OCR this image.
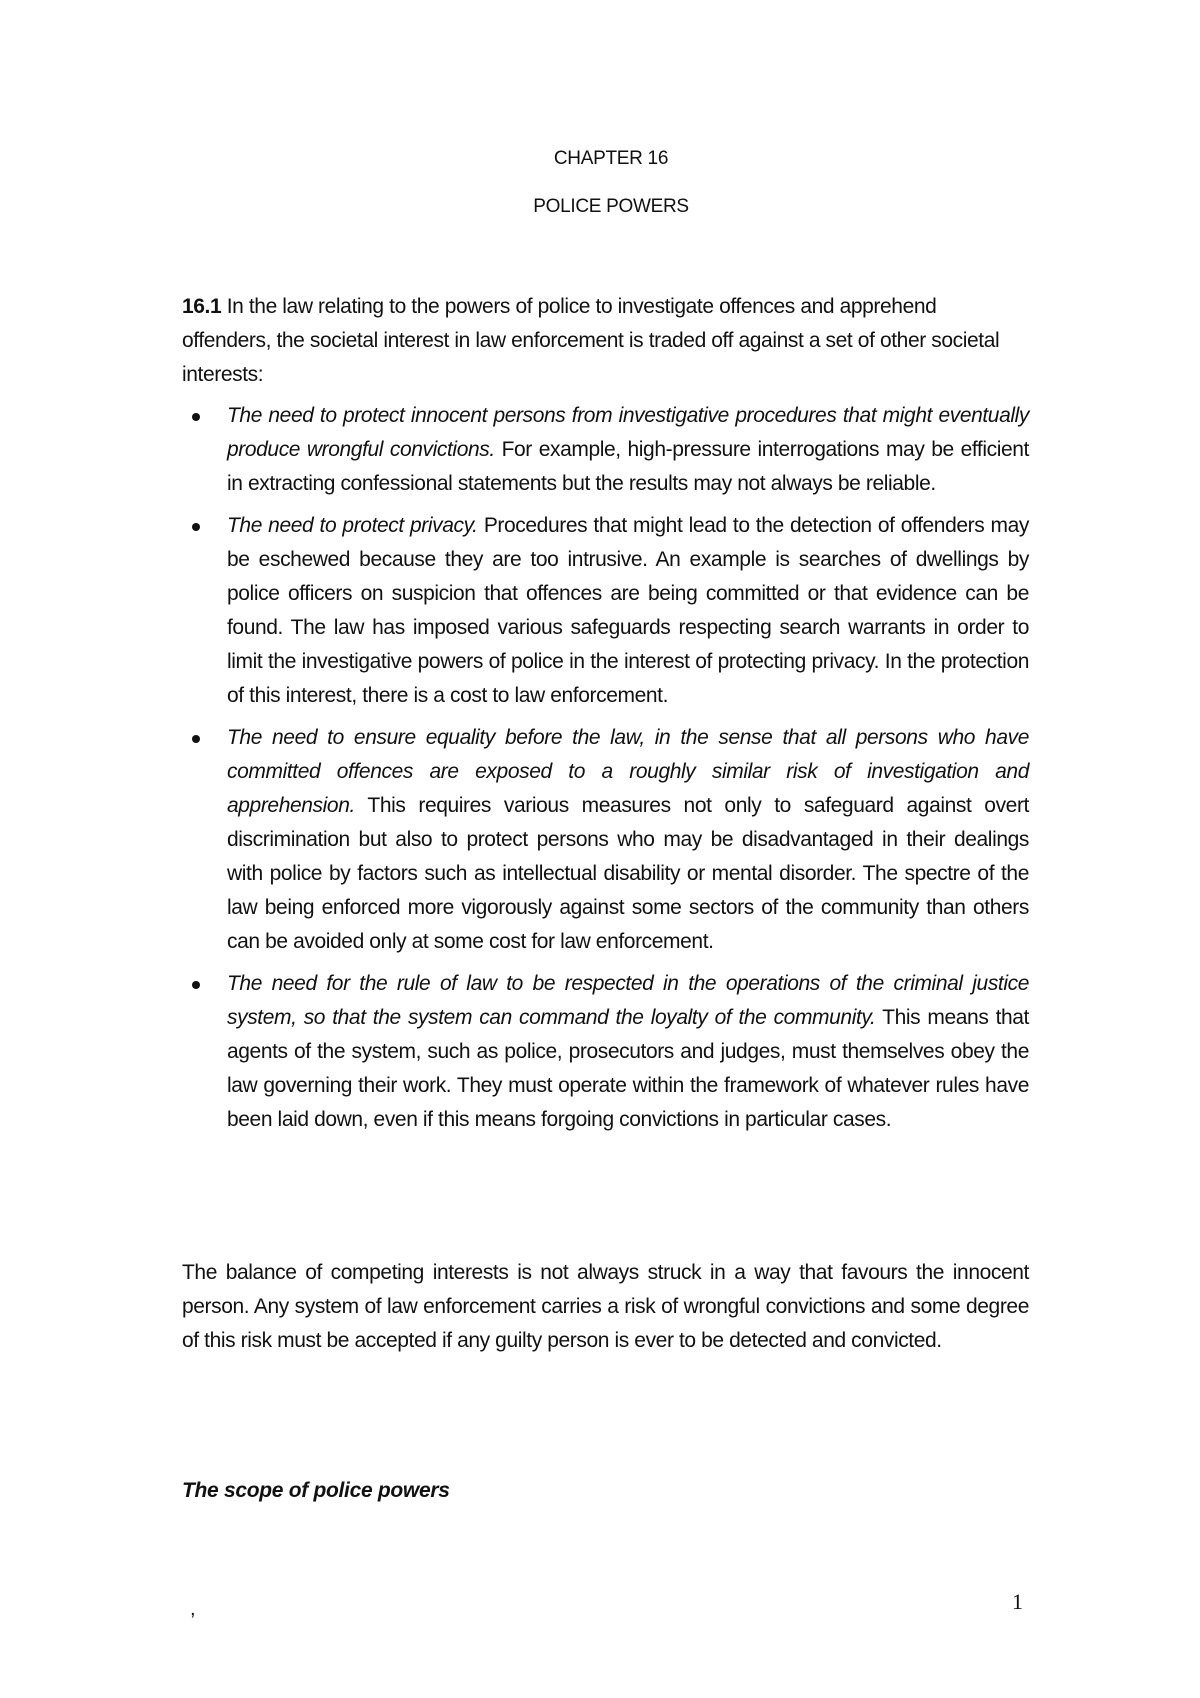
CHAPTER 16
POLICE POWERS

16.1 In the law relating to the powers of police to investigate offences and apprehend offenders, the societal interest in law enforcement is traded off against a set of other societal interests:

The need to protect innocent persons from investigative procedures that might eventually produce wrongful convictions. For example, high-pressure interrogations may be efficient in extracting confessional statements but the results may not always be reliable.
The need to protect privacy. Procedures that might lead to the detection of offenders may be eschewed because they are too intrusive. An example is searches of dwellings by police officers on suspicion that offences are being committed or that evidence can be found. The law has imposed various safeguards respecting search warrants in order to limit the investigative powers of police in the interest of protecting privacy. In the protection of this interest, there is a cost to law enforcement.
The need to ensure equality before the law, in the sense that all persons who have committed offences are exposed to a roughly similar risk of investigation and apprehension. This requires various measures not only to safeguard against overt discrimination but also to protect persons who may be disadvantaged in their dealings with police by factors such as intellectual disability or mental disorder. The spectre of the law being enforced more vigorously against some sectors of the community than others can be avoided only at some cost for law enforcement.
The need for the rule of law to be respected in the operations of the criminal justice system, so that the system can command the loyalty of the community. This means that agents of the system, such as police, prosecutors and judges, must themselves obey the law governing their work. They must operate within the framework of whatever rules have been laid down, even if this means forgoing convictions in particular cases.

The balance of competing interests is not always struck in a way that favours the innocent person. Any system of law enforcement carries a risk of wrongful convictions and some degree of this risk must be accepted if any guilty person is ever to be detected and convicted.

The scope of police powers
,	1
